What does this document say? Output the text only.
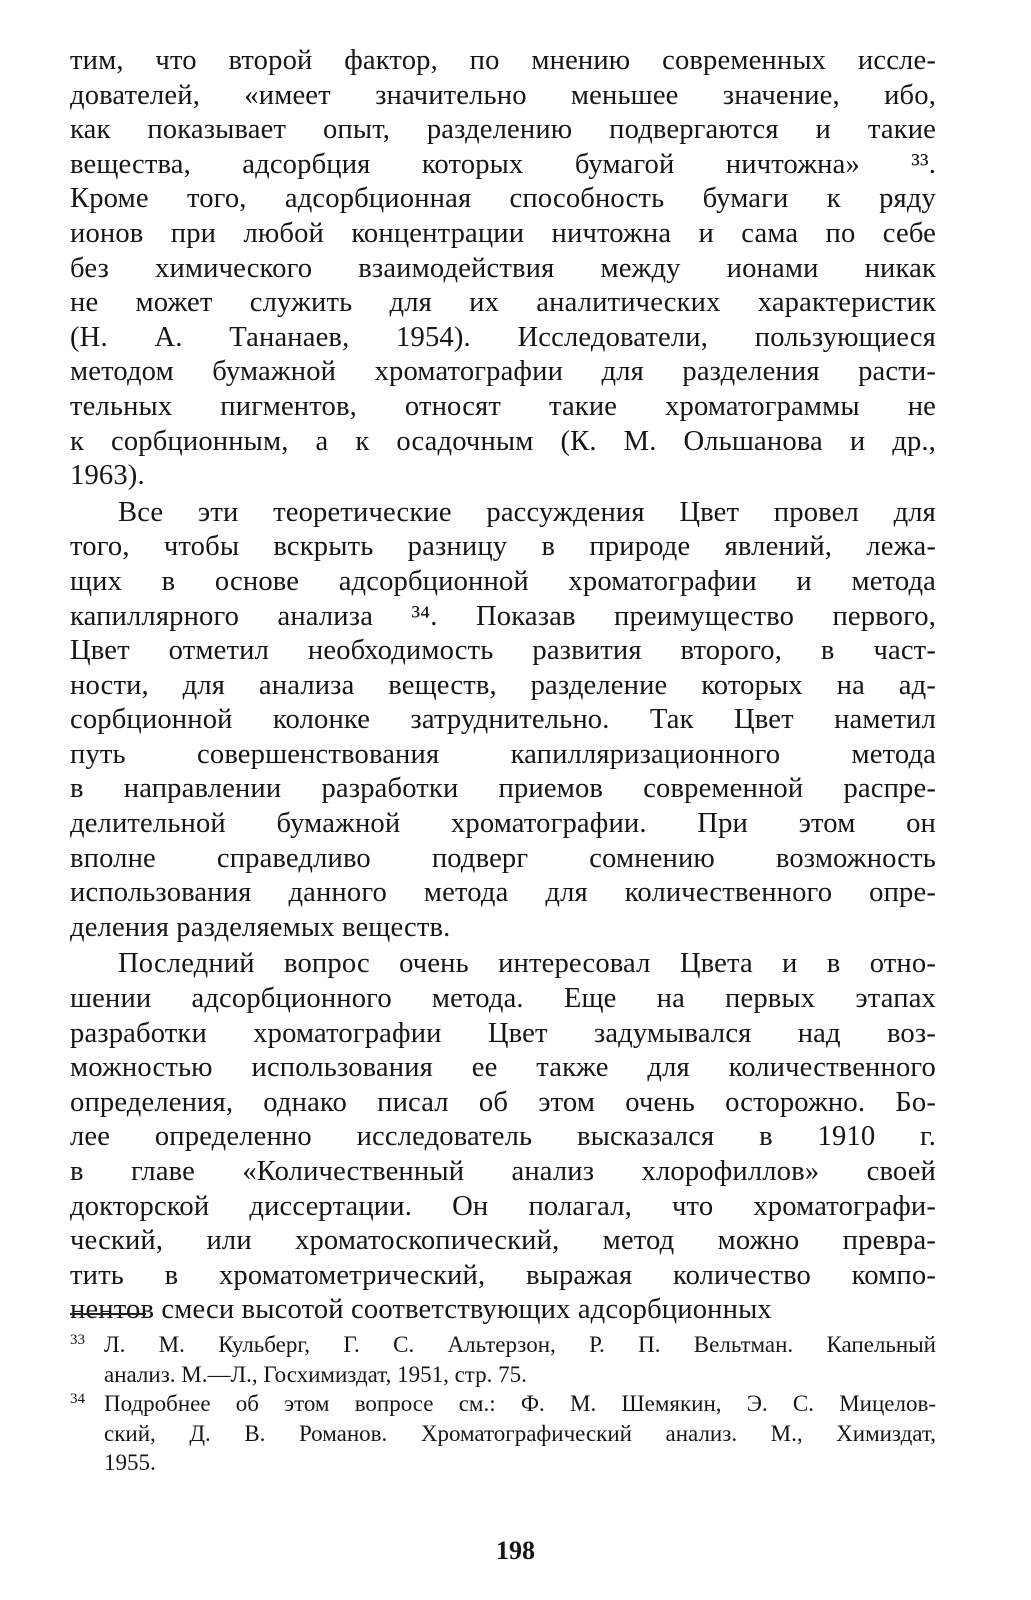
тим, что второй фактор, по мнению современных иссле-
дователей, «имеет значительно меньшее значение, ибо,
как показывает опыт, разделению подвергаются и такие
вещества, адсорбция которых бумагой ничтожна» ³³.
Кроме того, адсорбционная способность бумаги к ряду
ионов при любой концентрации ничтожна и сама по себе
без химического взаимодействия между ионами никак
не может служить для их аналитических характеристик
(Н. А. Тананаев, 1954). Исследователи, пользующиеся
методом бумажной хроматографии для разделения расти-
тельных пигментов, относят такие хроматограммы не
к сорбционным, а к осадочным (К. М. Ольшанова и др.,
1963).

Все эти теоретические рассуждения Цвет провел для
того, чтобы вскрыть разницу в природе явлений, лежа-
щих в основе адсорбционной хроматографии и метода
капиллярного анализа ³⁴. Показав преимущество первого,
Цвет отметил необходимость развития второго, в част-
ности, для анализа веществ, разделение которых на ад-
сорбционной колонке затруднительно. Так Цвет наметил
путь совершенствования капилляризационного метода
в направлении разработки приемов современной распре-
делительной бумажной хроматографии. При этом он
вполне справедливо подверг сомнению возможность
использования данного метода для количественного опре-
деления разделяемых веществ.

Последний вопрос очень интересовал Цвета и в отно-
шении адсорбционного метода. Еще на первых этапах
разработки хроматографии Цвет задумывался над воз-
можностью использования ее также для количественного
определения, однако писал об этом очень осторожно. Бо-
лее определенно исследователь высказался в 1910 г.
в главе «Количественный анализ хлорофиллов» своей
докторской диссертации. Он полагал, что хроматографи-
ческий, или хроматоскопический, метод можно превра-
тить в хроматометрический, выражая количество компо-
нентов смеси высотой соответствующих адсорбционных

33 Л. М. Кульберг, Г. С. Альтерзон, Р. П. Вельтман. Капельный
анализ. М.—Л., Госхимиздат, 1951, стр. 75.
34 Подробнее об этом вопросе см.: Ф. М. Шемякин, Э. С. Мицелов-
ский, Д. В. Романов. Хроматографический анализ. М., Химиздат,
1955.
198
